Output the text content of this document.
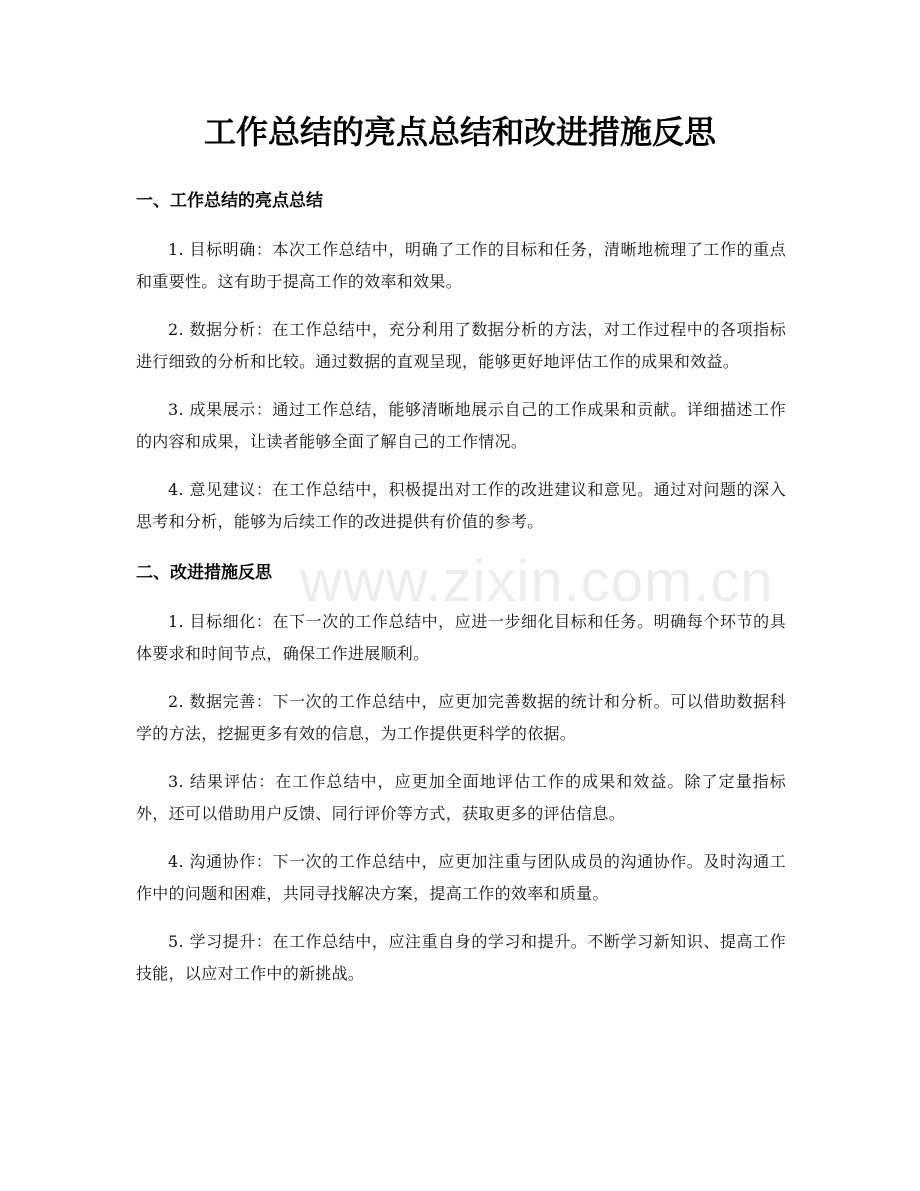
工作总结的亮点总结和改进措施反思
一、工作总结的亮点总结

1. 目标明确：本次工作总结中，明确了工作的目标和任务，清晰地梳理了工作的重点和重要性。这有助于提高工作的效率和效果。

2. 数据分析：在工作总结中，充分利用了数据分析的方法，对工作过程中的各项指标进行细致的分析和比较。通过数据的直观呈现，能够更好地评估工作的成果和效益。

3. 成果展示：通过工作总结，能够清晰地展示自己的工作成果和贡献。详细描述工作的内容和成果，让读者能够全面了解自己的工作情况。

4. 意见建议：在工作总结中，积极提出对工作的改进建议和意见。通过对问题的深入思考和分析，能够为后续工作的改进提供有价值的参考。

二、改进措施反思

1. 目标细化：在下一次的工作总结中，应进一步细化目标和任务。明确每个环节的具体要求和时间节点，确保工作进展顺利。

2. 数据完善：下一次的工作总结中，应更加完善数据的统计和分析。可以借助数据科学的方法，挖掘更多有效的信息，为工作提供更科学的依据。

3. 结果评估：在工作总结中，应更加全面地评估工作的成果和效益。除了定量指标外，还可以借助用户反馈、同行评价等方式，获取更多的评估信息。

4. 沟通协作：下一次的工作总结中，应更加注重与团队成员的沟通协作。及时沟通工作中的问题和困难，共同寻找解决方案，提高工作的效率和质量。

5. 学习提升：在工作总结中，应注重自身的学习和提升。不断学习新知识、提高工作技能，以应对工作中的新挑战。

www.zixin.com.cn
